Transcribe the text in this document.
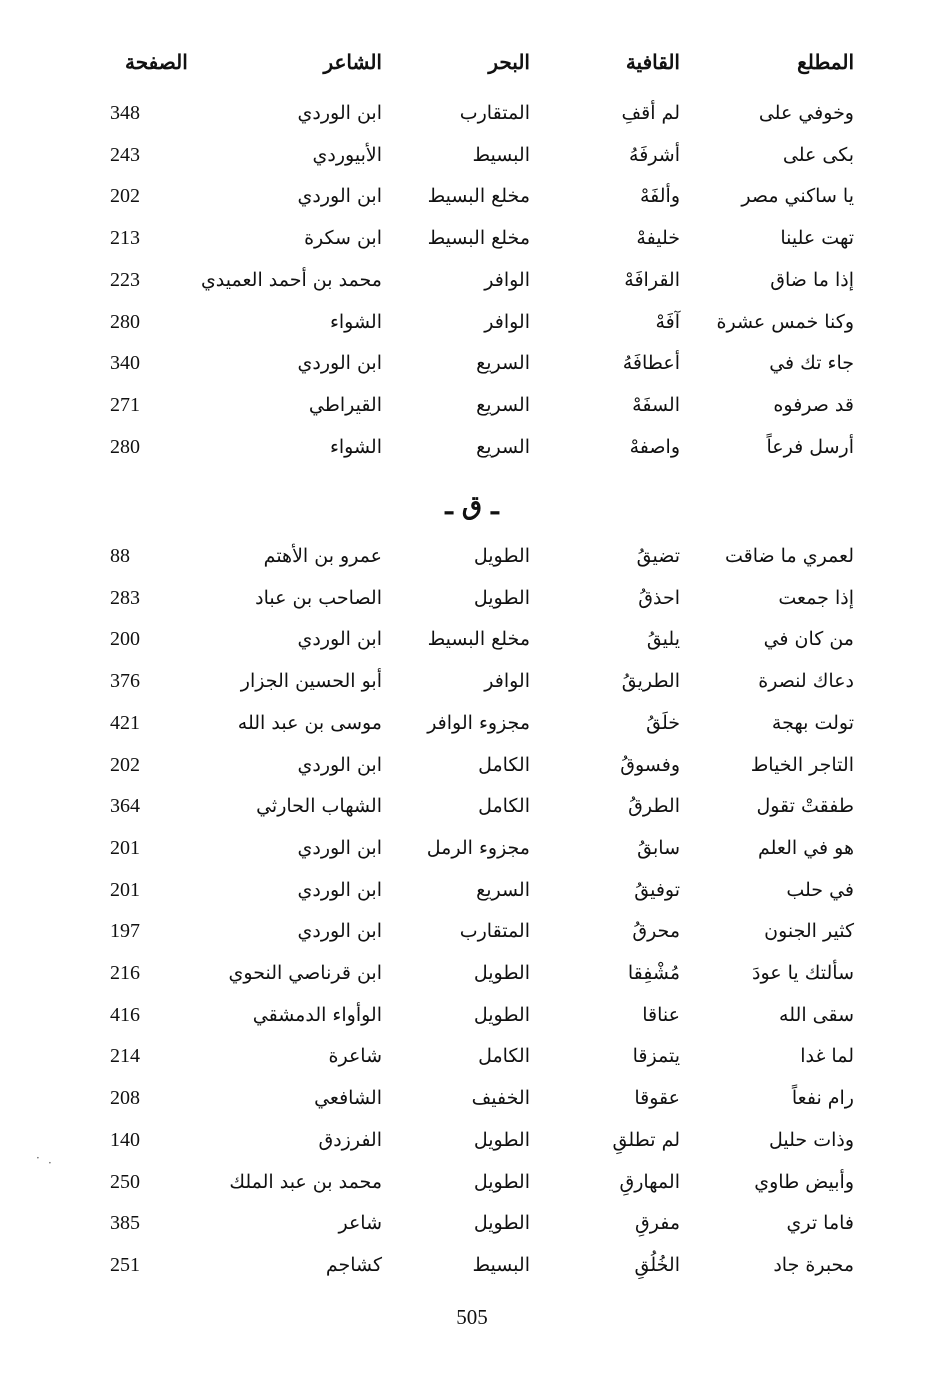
المطلع
القافية
البحر
الشاعر
الصفحة
وخوفي على
لم أقفِ
المتقارب
ابن الوردي
348
بكى على
أشرفَهُ
البسيط
الأبيوردي
243
يا ساكني مصر
وألفَهْ
مخلع البسيط
ابن الوردي
202
تهت علينا
خليفهْ
مخلع البسيط
ابن سكرة
213
إذا ما ضاق
القرافَهْ
الوافر
محمد بن أحمد العميدي
223
وكنا خمس عشرة
آفَهْ
الوافر
الشواء
280
جاء تك في
أعطافَهُ
السريع
ابن الوردي
340
قد صرفوه
السفَهْ
السريع
القيراطي
271
أرسل فرعاً
واصفهْ
السريع
الشواء
280
ـ ق ـ
لعمري ما ضاقت
تضيقُ
الطويل
عمرو بن الأهتم
88
إذا جمعت
احذقُ
الطويل
الصاحب بن عباد
283
من كان في
يليقُ
مخلع البسيط
ابن الوردي
200
دعاك لنصرة
الطريقُ
الوافر
أبو الحسين الجزار
376
تولت بهجة
خلَقُ
مجزوء الوافر
موسى بن عبد الله
421
التاجر الخياط
وفسوقُ
الكامل
ابن الوردي
202
طفقتْ تقول
الطرقُ
الكامل
الشهاب الحارثي
364
هو في العلم
سابقُ
مجزوء الرمل
ابن الوردي
201
في حلب
توفيقُ
السريع
ابن الوردي
201
كثير الجنون
محرقُ
المتقارب
ابن الوردي
197
سألتك يا عودَ
مُشْفِقا
الطويل
ابن قرناصي النحوي
216
سقى الله
عناقا
الطويل
الوأواء الدمشقي
416
لما غدا
يتمزقا
الكامل
شاعرة
214
رام نفعاً
عقوقا
الخفيف
الشافعي
208
وذات حليل
لم تطلقِ
الطويل
الفرزدق
140
وأبيض طاوي
المهارقِ
الطويل
محمد بن عبد الملك
250
فاما تري
مفرقِ
الطويل
شاعر
385
محبرة جاد
الخُلُقِ
البسيط
كشاجم
251
505
· ·
